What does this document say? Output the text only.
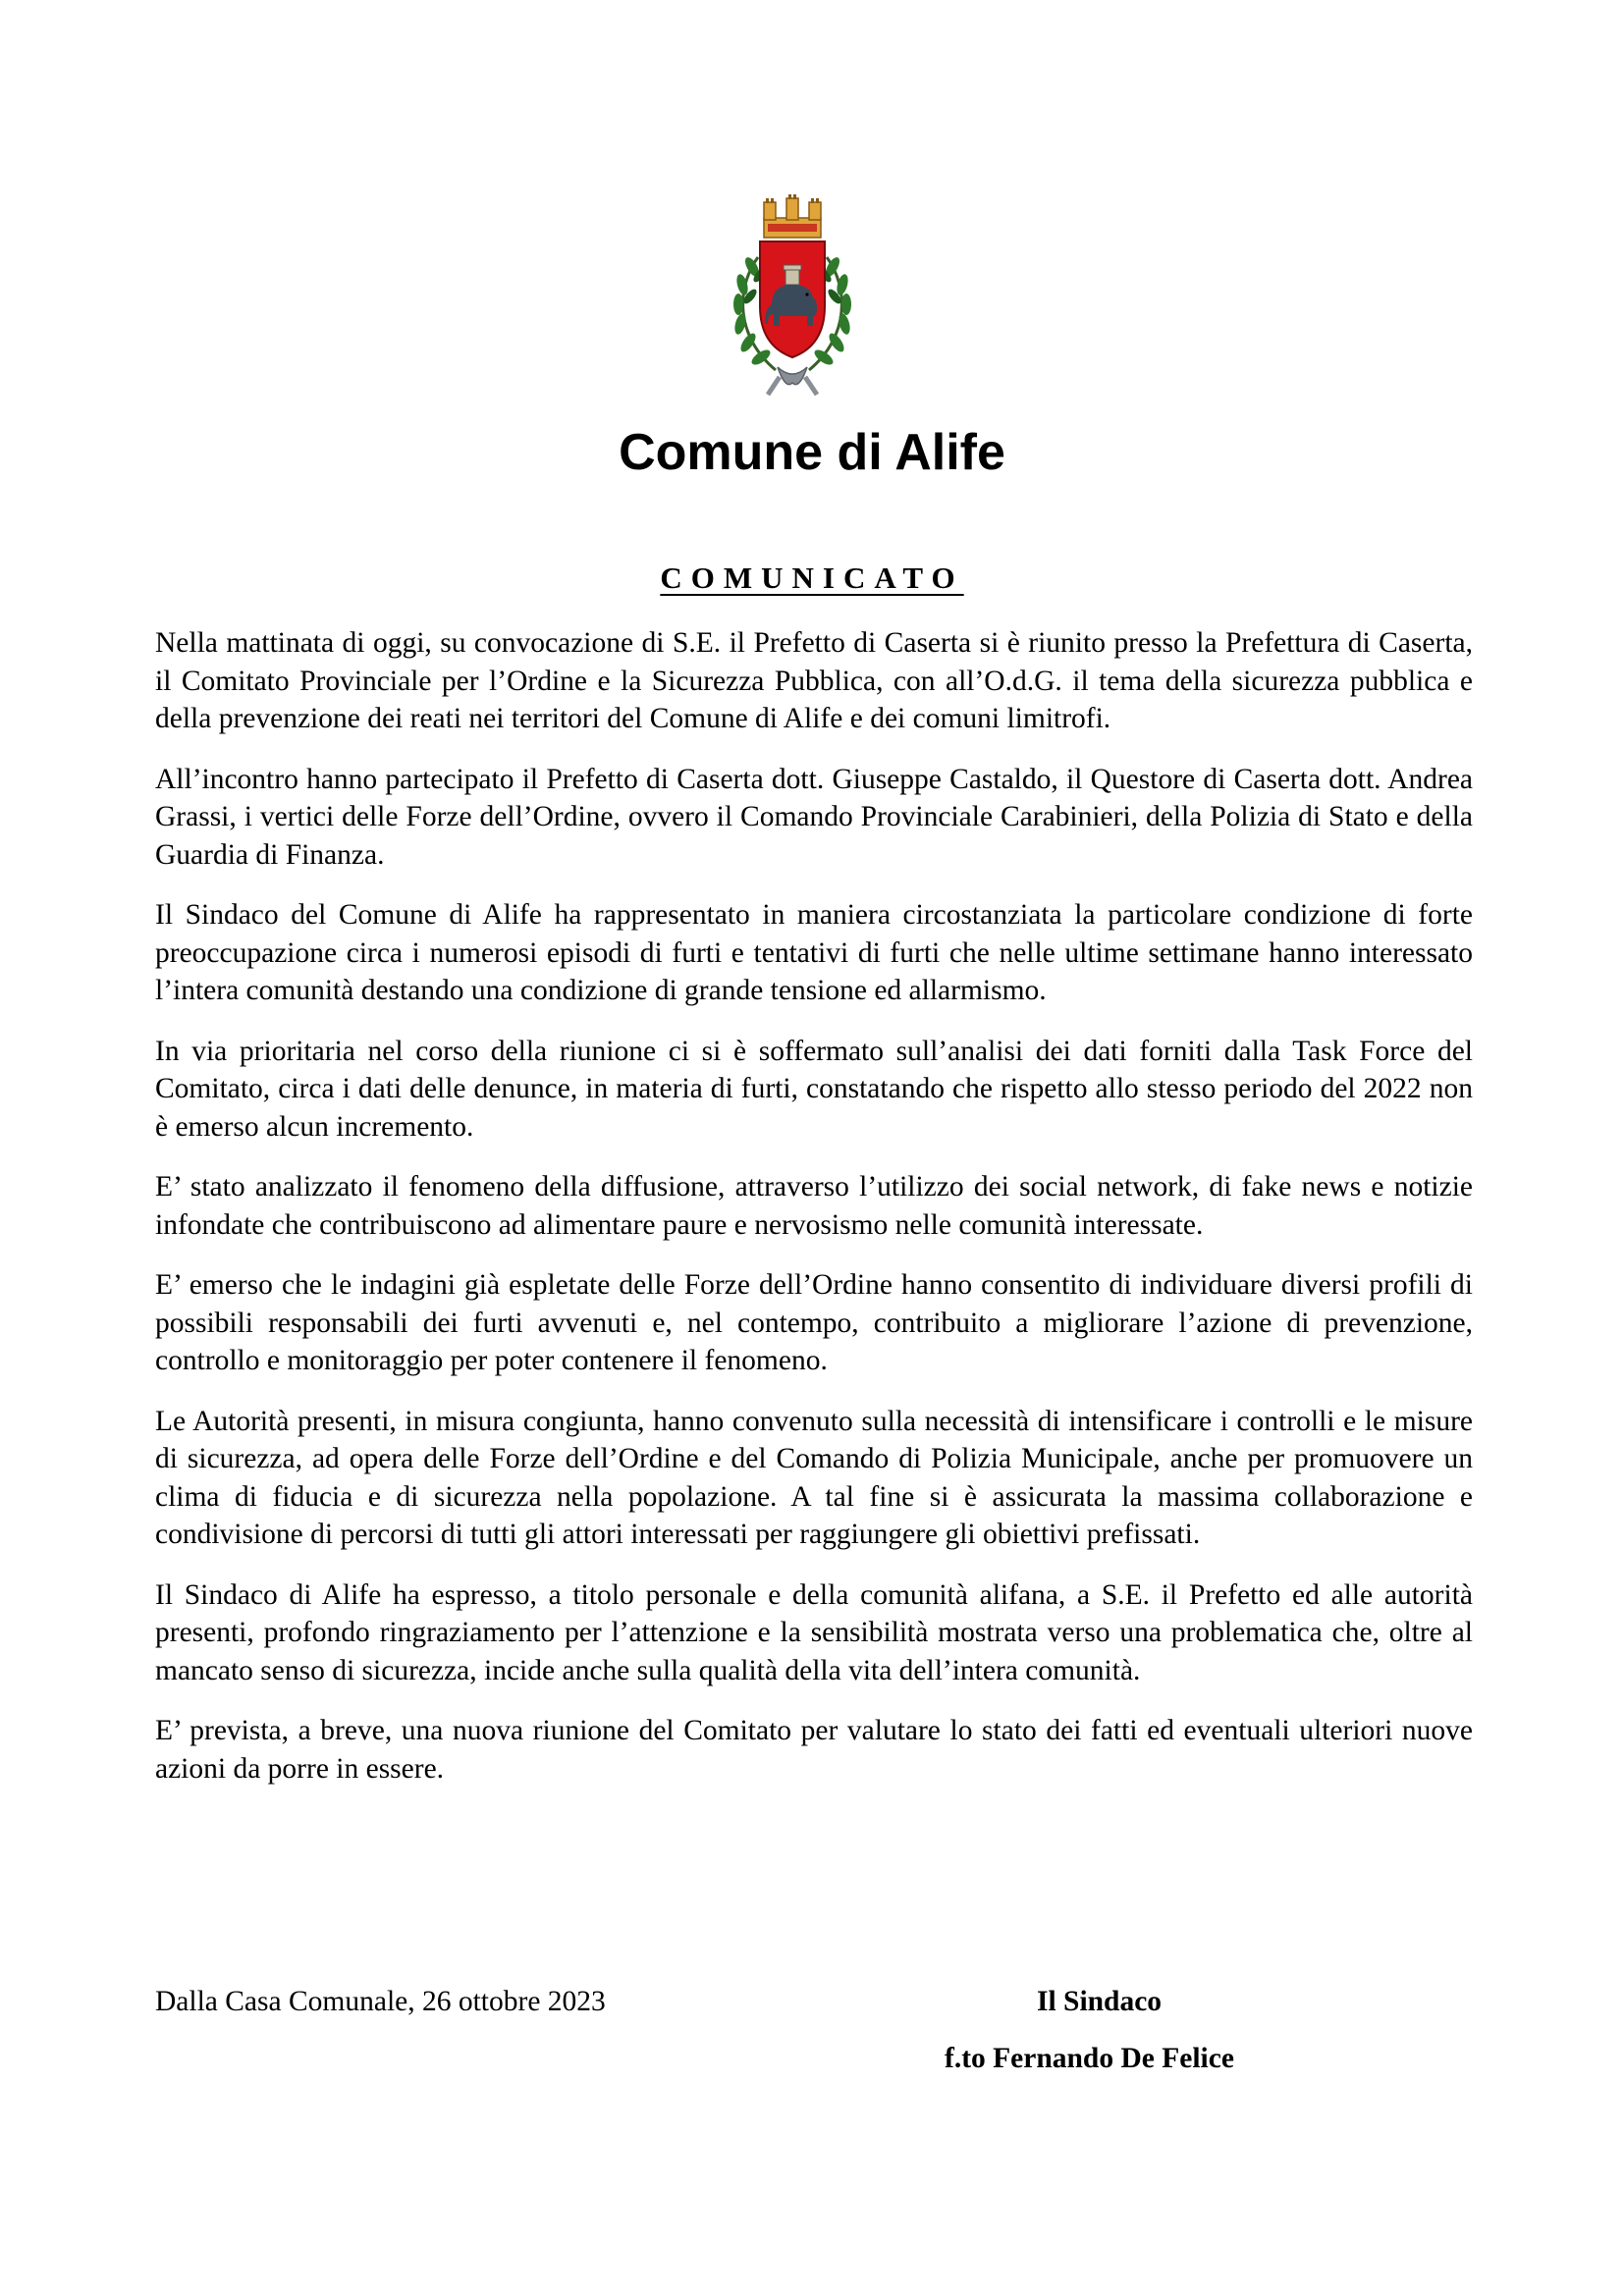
Comune di Alife
COMUNICATO

Nella mattinata di oggi, su convocazione di S.E. il Prefetto di Caserta si è riunito presso la Prefettura di Caserta, il Comitato Provinciale per l’Ordine e la Sicurezza Pubblica, con all’O.d.G. il tema della sicurezza pubblica e della prevenzione dei reati nei territori del Comune di Alife e dei comuni limitrofi.

All’incontro hanno partecipato il Prefetto di Caserta dott. Giuseppe Castaldo, il Questore di Caserta dott. Andrea Grassi, i vertici delle Forze dell’Ordine, ovvero il Comando Provinciale Carabinieri, della Polizia di Stato e della Guardia di Finanza.

Il Sindaco del Comune di Alife ha rappresentato in maniera circostanziata la particolare condizione di forte preoccupazione circa i numerosi episodi di furti e tentativi di furti che nelle ultime settimane hanno interessato l’intera comunità destando una condizione di grande tensione ed allarmismo.

In via prioritaria nel corso della riunione ci si è soffermato sull’analisi dei dati forniti dalla Task Force del Comitato, circa i dati delle denunce, in materia di furti, constatando che rispetto allo stesso periodo del 2022 non è emerso alcun incremento.

E’ stato analizzato il fenomeno della diffusione, attraverso l’utilizzo dei social network, di fake news e notizie infondate che contribuiscono ad alimentare paure e nervosismo nelle comunità interessate.

E’ emerso che le indagini già espletate delle Forze dell’Ordine hanno consentito di individuare diversi profili di possibili responsabili dei furti avvenuti e, nel contempo, contribuito a migliorare l’azione di prevenzione, controllo e monitoraggio per poter contenere il fenomeno.

Le Autorità presenti, in misura congiunta, hanno convenuto sulla necessità di intensificare i controlli e le misure di sicurezza, ad opera delle Forze dell’Ordine e del Comando di Polizia Municipale, anche per promuovere un clima di fiducia e di sicurezza nella popolazione. A tal fine si è assicurata la massima collaborazione e condivisione di percorsi di tutti gli attori interessati per raggiungere gli obiettivi prefissati.

Il Sindaco di Alife ha espresso, a titolo personale e della comunità alifana, a S.E. il Prefetto ed alle autorità presenti, profondo ringraziamento per l’attenzione e la sensibilità mostrata verso una problematica che, oltre al mancato senso di sicurezza, incide anche sulla qualità della vita dell’intera comunità.

E’ prevista, a breve, una nuova riunione del Comitato per valutare lo stato dei fatti ed eventuali ulteriori nuove azioni da porre in essere.

Dalla Casa Comunale, 26 ottobre 2023	Il Sindaco
f.to Fernando De Felice
